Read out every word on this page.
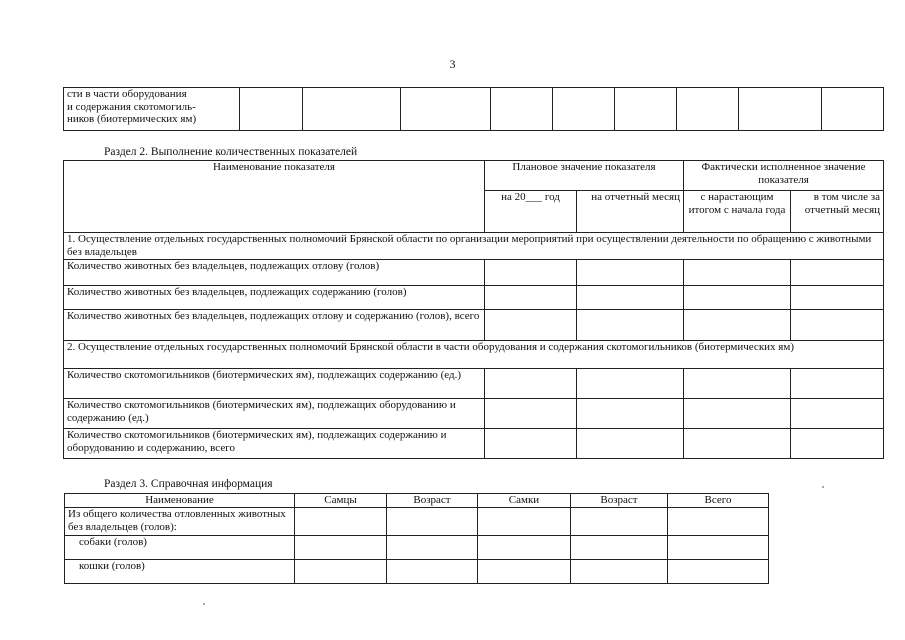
3
сти в части оборудования
и содержания скотомогиль-
ников (биотермических ям)									
Раздел 2. Выполнение количественных показателей
Наименование показателя	Плановое значение показателя		Фактически исполненное значение показателя	
	на 20___ год	на отчетный месяц	с нарастающим итогом с начала года	в том числе за отчетный месяц
1. Осуществление отдельных государственных полномочий Брянской области по организации мероприятий при осуществлении деятельности по обращению с животными без владельцев				
Количество животных без владельцев, подлежащих отлову (голов)				
Количество животных без владельцев, подлежащих содержанию (голов)				
Количество животных без владельцев, подлежащих отлову и содержанию (голов), всего				
2. Осуществление отдельных государственных полномочий Брянской области в части оборудования и содержания скотомогильников (биотермических ям)				
Количество скотомогильников (биотермических ям), подлежащих содержанию (ед.)				
Количество скотомогильников (биотермических ям), подлежащих оборудованию и содержанию (ед.)				
Количество скотомогильников (биотермических ям), подлежащих содержанию и оборудованию и содержанию, всего				
Раздел 3. Справочная информация
Наименование	Самцы	Возраст	Самки	Возраст	Всего
Из общего количества отловленных животных без владельцев (голов):					
собаки (голов)					
кошки (голов)					
